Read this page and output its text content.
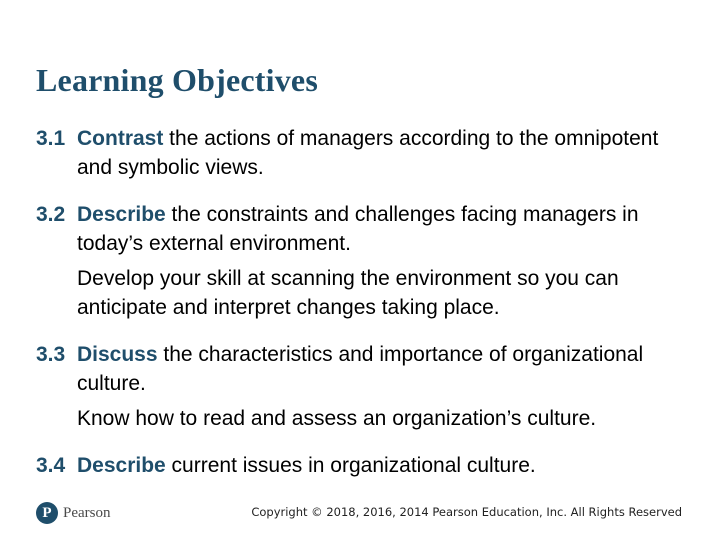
Learning Objectives
3.1 Contrast the actions of managers according to the omnipotent and symbolic views.
3.2 Describe the constraints and challenges facing managers in today’s external environment.
Develop your skill at scanning the environment so you can anticipate and interpret changes taking place.
3.3 Discuss the characteristics and importance of organizational culture.
Know how to read and assess an organization’s culture.
3.4 Describe current issues in organizational culture.
P Pearson	Copyright © 2018, 2016, 2014 Pearson Education, Inc. All Rights Reserved
